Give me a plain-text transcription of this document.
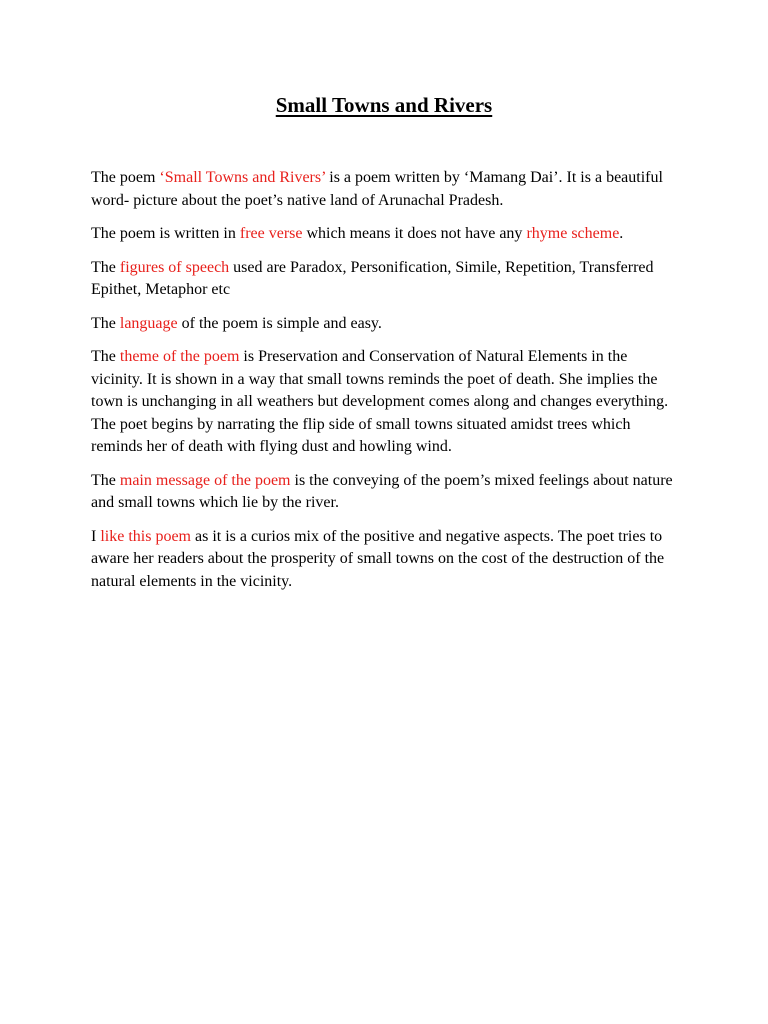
Small Towns and Rivers

The poem ‘Small Towns and Rivers’ is a poem written by ‘Mamang Dai’. It is a beautiful word- picture about the poet’s native land of Arunachal Pradesh.

The poem is written in free verse which means it does not have any rhyme scheme.

The figures of speech used are Paradox, Personification, Simile, Repetition, Transferred Epithet, Metaphor etc

The language of the poem is simple and easy.

The theme of the poem is Preservation and Conservation of Natural Elements in the vicinity. It is shown in a way that small towns reminds the poet of death. She implies the town is unchanging in all weathers but development comes along and changes everything. The poet begins by narrating the flip side of small towns situated amidst trees which reminds her of death with flying dust and howling wind.

The main message of the poem is the conveying of the poem’s mixed feelings about nature and small towns which lie by the river.

I like this poem as it is a curios mix of the positive and negative aspects. The poet tries to aware her readers about the prosperity of small towns on the cost of the destruction of the natural elements in the vicinity.
